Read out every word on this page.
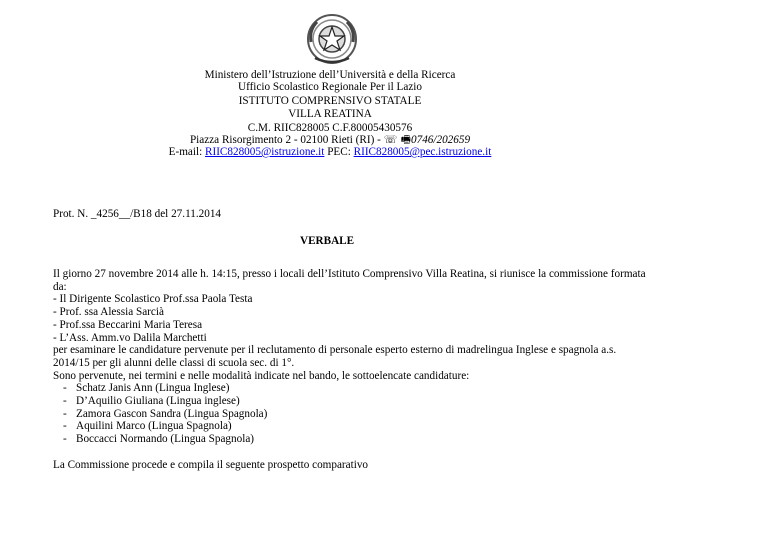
Ministero dell’Istruzione dell’Università e della Ricerca
Ufficio Scolastico Regionale Per il Lazio
ISTITUTO COMPRENSIVO STATALE
VILLA REATINA
C.M. RIIC828005 C.F.80005430576
Piazza Risorgimento 2 - 02100 Rieti (RI) - ☏ 🖷0746/202659
E-mail: RIIC828005@istruzione.it PEC: RIIC828005@pec.istruzione.it
Prot. N. _4256__/B18 del 27.11.2014
VERBALE

Il giorno 27 novembre 2014 alle h. 14:15, presso i locali dell’Istituto Comprensivo Villa Reatina, si riunisce la commissione formata da:

- Il Dirigente Scolastico Prof.ssa Paola Testa

- Prof. ssa Alessia Sarcià

- Prof.ssa Beccarini Maria Teresa

- L’Ass. Amm.vo Dalila Marchetti

per esaminare le candidature pervenute per il reclutamento di personale esperto esterno di madrelingua Inglese e spagnola a.s. 2014/15 per gli alunni delle classi di scuola sec. di 1°.

Sono pervenute, nei termini e nelle modalità indicate nel bando, le sottoelencate candidature:

- Schatz Janis Ann (Lingua Inglese)
- D’Aquilio Giuliana (Lingua inglese)
- Zamora Gascon Sandra (Lingua Spagnola)
- Aquilini Marco (Lingua Spagnola)
- Boccacci Normando (Lingua Spagnola)

La Commissione procede e compila il seguente prospetto comparativo
